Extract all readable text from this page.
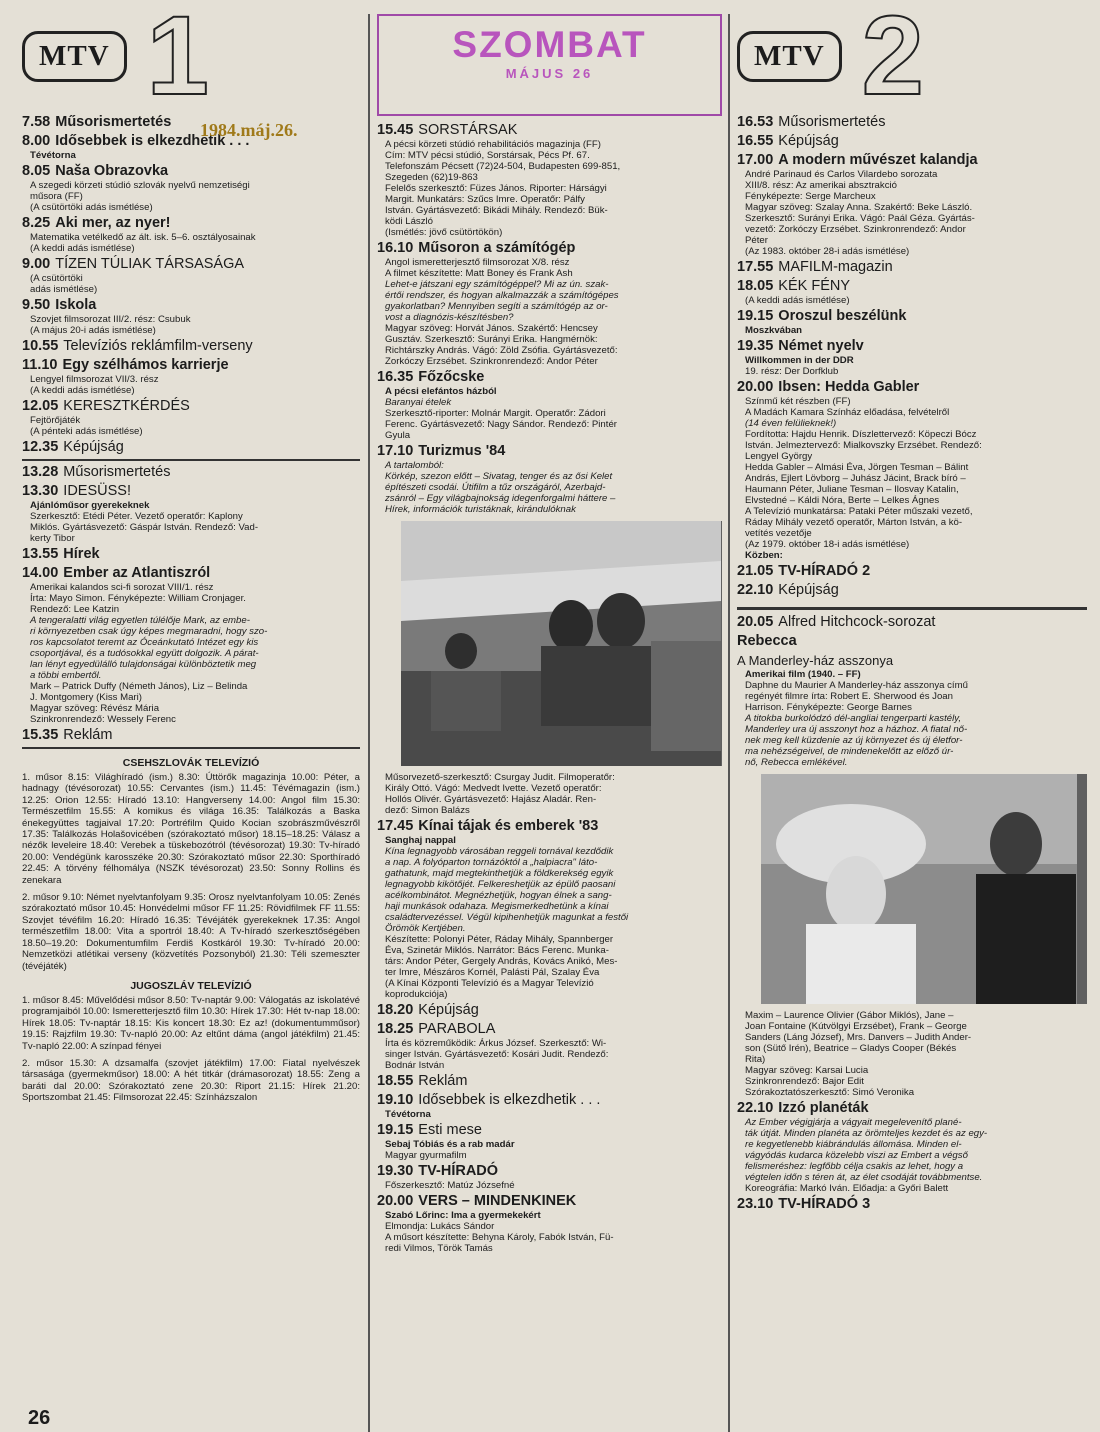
MTV 1
7.58 Műsorismertetés
8.00 Idősebbek is elkezdhetik . . .
Tévétorna
8.05 Naša Obrazovka
A szegedi körzeti stúdió szlovák nyelvű nemzetiségi
műsora (FF)
(A csütörtöki adás ismétlése)
8.25 Aki mer, az nyer!
Matematika vetélkedő az ált. isk. 5–6. osztályosainak
(A keddi adás ismétlése)
9.00 TÍZEN TÚLIAK TÁRSASÁGA
(A csütörtöki
adás ismétlése)
9.50 Iskola
Szovjet filmsorozat III/2. rész: Csubuk
(A május 20-i adás ismétlése)
10.55 Televíziós reklámfilm-verseny
11.10 Egy szélhámos karrierje
Lengyel filmsorozat VII/3. rész
(A keddi adás ismétlése)
12.05 KERESZTKÉRDÉS
Fejtörőjáték
(A pénteki adás ismétlése)
12.35 Képújság
13.28 Műsorismertetés
13.30 IDESÜSS!
Ajánlóműsor gyerekeknek
Szerkesztő: Etédi Péter. Vezető operatőr: Kaplony
Miklós. Gyártásvezető: Gáspár István. Rendező: Vad-
kerty Tibor
13.55 Hírek
14.00 Ember az Atlantiszról
Amerikai kalandos sci-fi sorozat VIII/1. rész
Írta: Mayo Simon. Fényképezte: William Cronjager.
Rendező: Lee Katzin
A tengeralatti világ egyetlen túlélője Mark, az embe-
ri környezetben csak úgy képes megmaradni, hogy szo-
ros kapcsolatot teremt az Óceánkutató Intézet egy kis
csoportjával, és a tudósokkal együtt dolgozik. A párat-
lan lényt egyedülálló tulajdonságai különböztetik meg
a többi embertől.
Mark – Patrick Duffy (Németh János), Liz – Belinda
J. Montgomery (Kiss Mari)
Magyar szöveg: Révész Mária
Szinkronrendező: Wessely Ferenc
15.35 Reklám
CSEHSZLOVÁK TELEVÍZIÓ

1. műsor 8.15: Világhíradó (ism.) 8.30: Úttörők magazinja 10.00: Péter, a hadnagy (tévésorozat) 10.55: Cervantes (ism.) 11.45: Tévémagazin (ism.) 12.25: Orion 12.55: Híradó 13.10: Hangverseny 14.00: Angol film 15.30: Természetfilm 15.55: A komikus és világa 16.35: Találkozás a Baska énekegyüttes tagjaival 17.20: Portréfilm Quido Kocian szobrászművészről 17.35: Találkozás Holašovicében (szórakoztató műsor) 18.15–18.25: Válasz a nézők leveleire 18.40: Verebek a tüskebozótról (tévésorozat) 19.30: Tv-híradó 20.00: Vendégünk karosszéke 20.30: Szórakoztató műsor 22.30: Sporthíradó 22.45: A törvény félhomálya (NSZK tévésorozat) 23.50: Sonny Rollins és zenekara

2. műsor 9.10: Német nyelvtanfolyam 9.35: Orosz nyelvtanfolyam 10.05: Zenés szórakoztató műsor 10.45: Honvédelmi műsor FF 11.25: Rövidfilmek FF 11.55: Szovjet tévéfilm 16.20: Híradó 16.35: Tévéjáték gyerekeknek 17.35: Angol természetfilm 18.00: Vita a sportról 18.40: A Tv-híradó szerkesztőségében 18.50–19.20: Dokumentumfilm Ferdiš Kostkáról 19.30: Tv-híradó 20.00: Nemzetközi atlétikai verseny (közvetítés Pozsonyból) 21.30: Téli szemeszter (tévéjáték)

JUGOSZLÁV TELEVÍZIÓ

1. műsor 8.45: Művelődési műsor 8.50: Tv-naptár 9.00: Válogatás az iskolatévé programjaiból 10.00: Ismeretterjesztő film 10.30: Hírek 17.30: Hét tv-nap 18.00: Hírek 18.05: Tv-naptár 18.15: Kis koncert 18.30: Ez az! (dokumentumműsor) 19.15: Rajzfilm 19.30: Tv-napló 20.00: Az eltűnt dáma (angol játékfilm) 21.45: Tv-napló 22.00: A színpad fényei

2. műsor 15.30: A dzsamalfa (szovjet játékfilm) 17.00: Fiatal nyelvészek társasága (gyermekműsor) 18.00: A hét titkár (drámasorozat) 18.55: Zeng a baráti dal 20.00: Szórakoztató zene 20.30: Riport 21.15: Hírek 21.20: Sportszombat 21.45: Filmsorozat 22.45: Színházszalon

26
1984.máj.26.
SZOMBAT
MÁJUS 26
15.45 SORSTÁRSAK
A pécsi körzeti stúdió rehabilitációs magazinja (FF)
Cím: MTV pécsi stúdió, Sorstársak, Pécs Pf. 67.
Telefonszám Pécsett (72)24-504, Budapesten 699-851,
Szegeden (62)19-863
Felelős szerkesztő: Füzes János. Riporter: Hárságyi
Margit. Munkatárs: Szűcs Imre. Operatőr: Pálfy
István. Gyártásvezető: Bikádi Mihály. Rendező: Bük-
ködi László
(Ismétlés: jövő csütörtökön)
16.10 Műsoron a számítógép
Angol ismeretterjesztő filmsorozat X/8. rész
A filmet készítette: Matt Boney és Frank Ash
Lehet-e játszani egy számítógéppel? Mi az ún. szak-
értői rendszer, és hogyan alkalmazzák a számítógépes
gyakorlatban? Mennyiben segíti a számítógép az or-
vost a diagnózis-készítésben?
Magyar szöveg: Horvát János. Szakértő: Hencsey
Gusztáv. Szerkesztő: Surányi Erika. Hangmérnök:
Richtárszky András. Vágó: Zöld Zsófia. Gyártásvezető:
Zorkóczy Erzsébet. Szinkronrendező: Andor Péter
16.35 Főzőcske
A pécsi elefántos házból
Baranyai ételek
Szerkesztő-riporter: Molnár Margit. Operatőr: Zádori
Ferenc. Gyártásvezető: Nagy Sándor. Rendező: Pintér
Gyula
17.10 Turizmus '84
A tartalomból:
Körkép, szezon előtt – Sivatag, tenger és az ősi Kelet
építészeti csodái. Útifilm a tűz országáról, Azerbajd-
zsánról – Egy világbajnokság idegenforgalmi háttere –
Hírek, információk turistáknak, kirándulóknak
Műsorvezető-szerkesztő: Csurgay Judit. Filmoperatőr:
Király Ottó. Vágó: Medvedt Ivette. Vezető operatőr:
Hollós Olivér. Gyártásvezető: Hajász Aladár. Ren-
dező: Simon Balázs
17.45 Kínai tájak és emberek '83
Sanghaj nappal
Kína legnagyobb városában reggeli tornával kezdődik
a nap. A folyóparton tornázóktól a „halpiacra" láto-
gathatunk, majd megtekinthetjük a földkerekség egyik
legnagyobb kikötőjét. Felkereshetjük az épülő paosani
acélkombinátot. Megnézhetjük, hogyan élnek a sang-
haji munkások odahaza. Megismerkedhetünk a kínai
családtervezéssel. Végül kipihenhetjük magunkat a festői
Örömök Kertjében.
Készítette: Polonyi Péter, Ráday Mihály, Spannberger
Éva, Szinetár Miklós. Narrátor: Bács Ferenc. Munka-
társ: Andor Péter, Gergely András, Kovács Anikó, Mes-
ter Imre, Mészáros Kornél, Palásti Pál, Szalay Éva
(A Kínai Központi Televízió és a Magyar Televízió
koprodukciója)
18.20 Képújság
18.25 PARABOLA
Írta és közreműködik: Árkus József. Szerkesztő: Wi-
singer István. Gyártásvezető: Kosári Judit. Rendező:
Bodnár István
18.55 Reklám
19.10 Idősebbek is elkezdhetik . . .
Tévétorna
19.15 Esti mese
Sebaj Tóbiás és a rab madár
Magyar gyurmafilm
19.30 TV-HÍRADÓ
Főszerkesztő: Matúz Józsefné
20.00 VERS – MINDENKINEK
Szabó Lőrinc: Ima a gyermekekért
Elmondja: Lukács Sándor
A műsort készítette: Behyna Károly, Fabók István, Fü-
redi Vilmos, Török Tamás
MTV 2
16.53 Műsorismertetés
16.55 Képújság
17.00 A modern művészet kalandja
André Parinaud és Carlos Vilardebo sorozata
XIII/8. rész: Az amerikai absztrakció
Fényképezte: Serge Marcheux
Magyar szöveg: Szalay Anna. Szakértő: Beke László.
Szerkesztő: Surányi Erika. Vágó: Paál Géza. Gyártás-
vezető: Zorkóczy Erzsébet. Szinkronrendező: Andor
Péter
(Az 1983. október 28-i adás ismétlése)
17.55 MAFILM-magazin
18.05 KÉK FÉNY
(A keddi adás ismétlése)
19.15 Oroszul beszélünk
Moszkvában
19.35 Német nyelv
Willkommen in der DDR
19. rész: Der Dorfklub
20.00 Ibsen: Hedda Gabler
Színmű két részben (FF)
A Madách Kamara Színház előadása, felvételről
(14 éven felülieknek!)
Fordította: Hajdu Henrik. Díszlettervező: Köpeczi Bócz
István. Jelmeztervező: Mialkovszky Erzsébet. Rendező:
Lengyel György
Hedda Gabler – Almási Éva, Jörgen Tesman – Bálint
András, Ejlert Lövborg – Juhász Jácint, Brack bíró –
Haumann Péter, Juliane Tesman – Ilosvay Katalin,
Elvstedné – Káldi Nóra, Berte – Lelkes Ágnes
A Televízió munkatársa: Pataki Péter műszaki vezető,
Ráday Mihály vezető operatőr, Márton István, a kö-
vetítés vezetője
(Az 1979. október 18-i adás ismétlése)
Közben:
21.05 TV-HÍRADÓ 2
22.10 Képújság
20.05 Alfred Hitchcock-sorozat
Rebecca
A Manderley-ház asszonya
Amerikai film (1940. – FF)
Daphne du Maurier A Manderley-ház asszonya című
regényét filmre írta: Robert E. Sherwood és Joan
Harrison. Fényképezte: George Barnes
A titokba burkolódzó dél-angliai tengerparti kastély,
Manderley ura új asszonyt hoz a házhoz. A fiatal nő-
nek meg kell küzdenie az új környezet és új életfor-
ma nehézségeivel, de mindenekelőtt az előző úr-
nő, Rebecca emlékével.
Maxim – Laurence Olivier (Gábor Miklós), Jane –
Joan Fontaine (Kútvölgyi Erzsébet), Frank – George
Sanders (Láng József), Mrs. Danvers – Judith Ander-
son (Sütő Irén), Beatrice – Gladys Cooper (Békés
Rita)
Magyar szöveg: Karsai Lucia
Szinkronrendező: Bajor Edit
Szórakoztatószerkesztő: Simó Veronika
22.10 Izzó planéták
Az Ember végigjárja a vágyait megelevenítő plané-
ták útját. Minden planéta az örömteljes kezdet és az egy-
re kegyetlenebb kiábrándulás állomása. Minden el-
vágyódás kudarca közelebb viszi az Embert a végső
felismeréshez: legfőbb célja csakis az lehet, hogy a
végtelen időn s téren át, az élet csodáját továbbmentse.
Koreográfia: Markó Iván. Előadja: a Győri Balett
23.10 TV-HÍRADÓ 3
